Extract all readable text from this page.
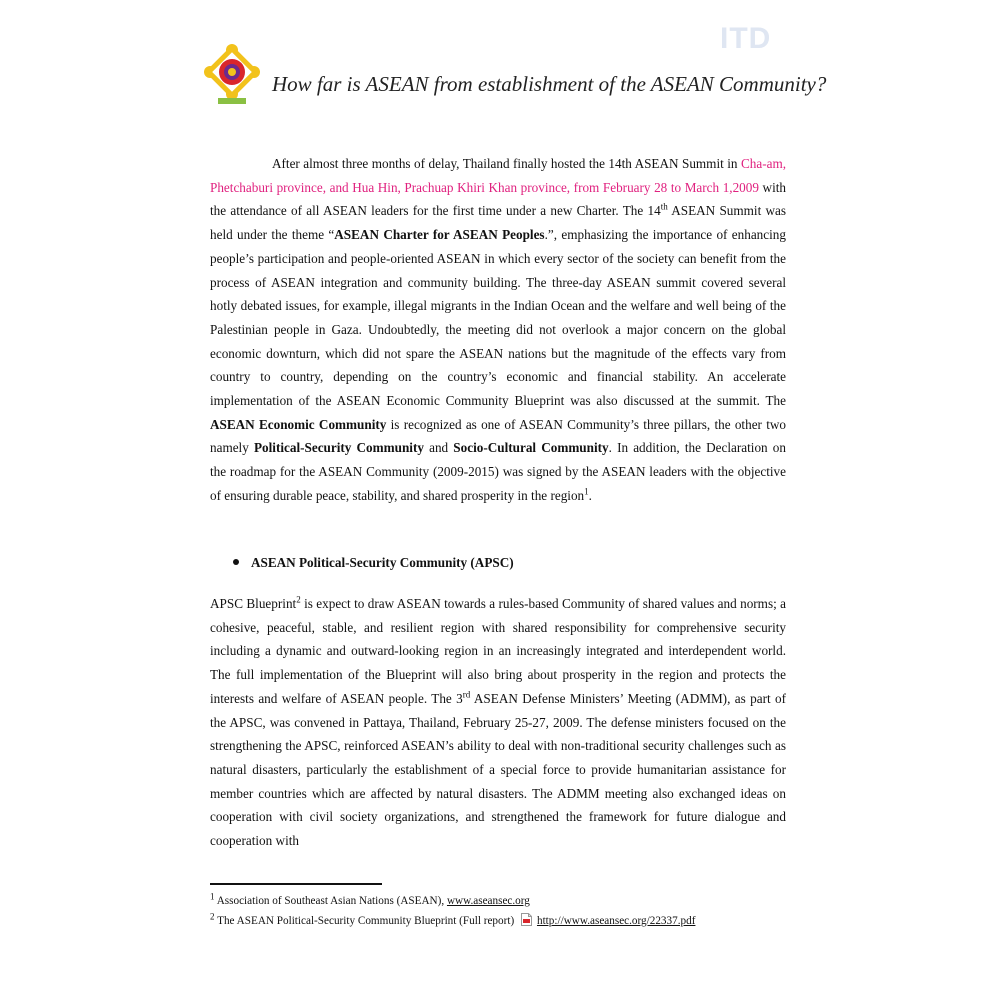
ITD
How far is ASEAN from establishment of the ASEAN Community?
After almost three months of delay, Thailand finally hosted the 14th ASEAN Summit in Cha-am, Phetchaburi province, and Hua Hin, Prachuap Khiri Khan province, from February 28 to March 1,2009 with the attendance of all ASEAN leaders for the first time under a new Charter. The 14th ASEAN Summit was held under the theme “ASEAN Charter for ASEAN Peoples.”, emphasizing the importance of enhancing people’s participation and people-oriented ASEAN in which every sector of the society can benefit from the process of ASEAN integration and community building. The three-day ASEAN summit covered several hotly debated issues, for example, illegal migrants in the Indian Ocean and the welfare and well being of the Palestinian people in Gaza. Undoubtedly, the meeting did not overlook a major concern on the global economic downturn, which did not spare the ASEAN nations but the magnitude of the effects vary from country to country, depending on the country’s economic and financial stability. An accelerate implementation of the ASEAN Economic Community Blueprint was also discussed at the summit. The ASEAN Economic Community is recognized as one of ASEAN Community’s three pillars, the other two namely Political-Security Community and Socio-Cultural Community. In addition, the Declaration on the roadmap for the ASEAN Community (2009-2015) was signed by the ASEAN leaders with the objective of ensuring durable peace, stability, and shared prosperity in the region$^1$.
ASEAN Political-Security Community (APSC)
APSC Blueprint$^2$ is expect to draw ASEAN towards a rules-based Community of shared values and norms; a cohesive, peaceful, stable, and resilient region with shared responsibility for comprehensive security including a dynamic and outward-looking region in an increasingly integrated and interdependent world. The full implementation of the Blueprint will also bring about prosperity in the region and protects the interests and welfare of ASEAN people. The 3rd ASEAN Defense Ministers’ Meeting (ADMM), as part of the APSC, was convened in Pattaya, Thailand, February 25-27, 2009. The defense ministers focused on the strengthening the APSC, reinforced ASEAN’s ability to deal with non-traditional security challenges such as natural disasters, particularly the establishment of a special force to provide humanitarian assistance for member countries which are affected by natural disasters. The ADMM meeting also exchanged ideas on cooperation with civil society organizations, and strengthened the framework for future dialogue and cooperation with
$^1$ Association of Southeast Asian Nations (ASEAN), www.aseansec.org
$^2$ The ASEAN Political-Security Community Blueprint (Full report) http://www.aseansec.org/22337.pdf
